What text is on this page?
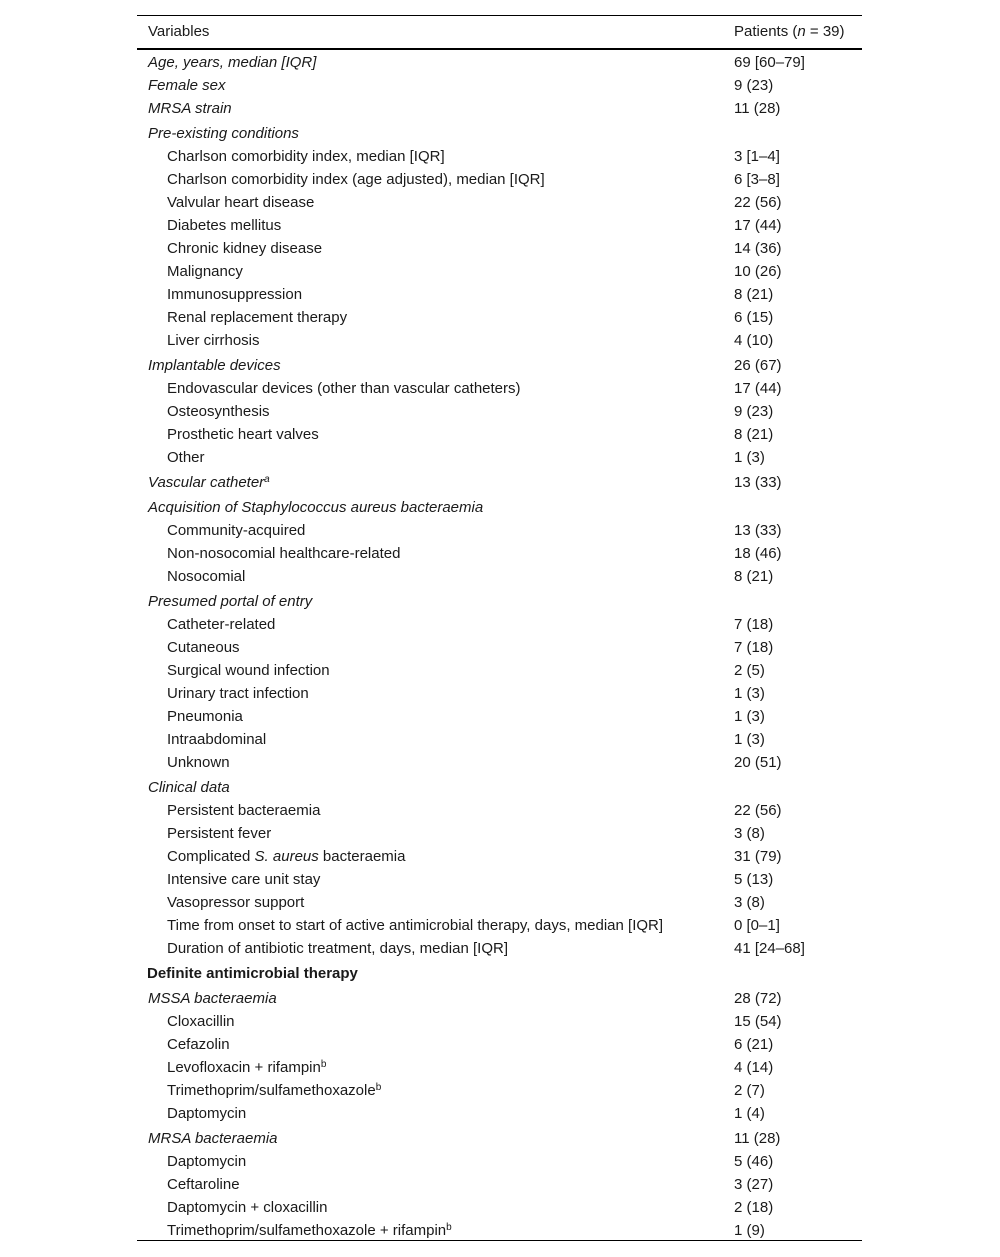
Variables	Patients (n = 39)
Age, years, median [IQR]	69 [60–79]
Female sex	9 (23)
MRSA strain	11 (28)
Pre-existing conditions
Charlson comorbidity index, median [IQR]	3 [1–4]
Charlson comorbidity index (age adjusted), median [IQR]	6 [3–8]
Valvular heart disease	22 (56)
Diabetes mellitus	17 (44)
Chronic kidney disease	14 (36)
Malignancy	10 (26)
Immunosuppression	8 (21)
Renal replacement therapy	6 (15)
Liver cirrhosis	4 (10)
Implantable devices	26 (67)
Endovascular devices (other than vascular catheters)	17 (44)
Osteosynthesis	9 (23)
Prosthetic heart valves	8 (21)
Other	1 (3)
Vascular catheter$^a$	13 (33)
Acquisition of Staphylococcus aureus bacteraemia
Community-acquired	13 (33)
Non-nosocomial healthcare-related	18 (46)
Nosocomial	8 (21)
Presumed portal of entry
Catheter-related	7 (18)
Cutaneous	7 (18)
Surgical wound infection	2 (5)
Urinary tract infection	1 (3)
Pneumonia	1 (3)
Intraabdominal	1 (3)
Unknown	20 (51)
Clinical data
Persistent bacteraemia	22 (56)
Persistent fever	3 (8)
Complicated S. aureus bacteraemia	31 (79)
Intensive care unit stay	5 (13)
Vasopressor support	3 (8)
Time from onset to start of active antimicrobial therapy, days, median [IQR]	0 [0–1]
Duration of antibiotic treatment, days, median [IQR]	41 [24–68]
Definite antimicrobial therapy
MSSA bacteraemia	28 (72)
Cloxacillin	15 (54)
Cefazolin	6 (21)
Levofloxacin + rifampin$^b$	4 (14)
Trimethoprim/sulfamethoxazole$^b$	2 (7)
Daptomycin	1 (4)
MRSA bacteraemia	11 (28)
Daptomycin	5 (46)
Ceftaroline	3 (27)
Daptomycin + cloxacillin	2 (18)
Trimethoprim/sulfamethoxazole + rifampin$^b$	1 (9)
